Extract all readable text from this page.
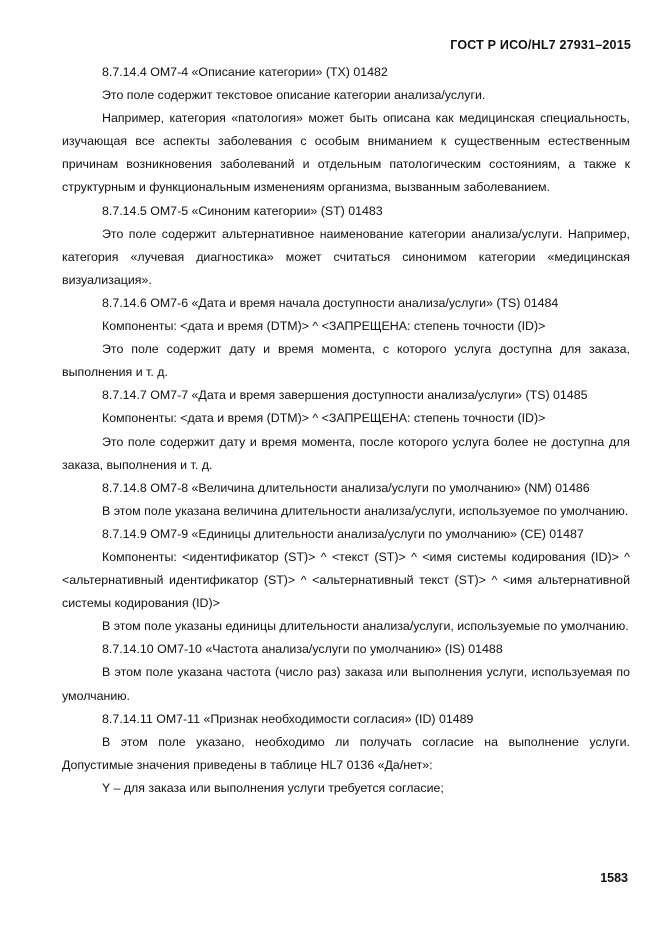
ГОСТ Р ИСО/HL7 27931–2015

8.7.14.4 OM7-4 «Описание категории» (TX) 01482

Это поле содержит текстовое описание категории анализа/услуги.

Например, категория «патология» может быть описана как медицинская специальность, изучающая все аспекты заболевания с особым вниманием к существенным естественным причинам возникновения заболеваний и отдельным патологическим состояниям, а также к структурным и функциональным изменениям организма, вызванным заболеванием.

8.7.14.5 OM7-5 «Синоним категории» (ST) 01483

Это поле содержит альтернативное наименование категории анализа/услуги. Например, категория «лучевая диагностика» может считаться синонимом категории «медицинская визуализация».

8.7.14.6 OM7-6 «Дата и время начала доступности анализа/услуги» (TS) 01484

Компоненты: <дата и время (DTM)> ^ <ЗАПРЕЩЕНА: степень точности (ID)>

Это поле содержит дату и время момента, с которого услуга доступна для заказа, выполнения и т. д.

8.7.14.7 OM7-7 «Дата и время завершения доступности анализа/услуги» (TS) 01485

Компоненты: <дата и время (DTM)> ^ <ЗАПРЕЩЕНА: степень точности (ID)>

Это поле содержит дату и время момента, после которого услуга более не доступна для заказа, выполнения и т. д.

8.7.14.8 OM7-8 «Величина длительности анализа/услуги по умолчанию» (NM) 01486

В этом поле указана величина длительности анализа/услуги, используемое по умолчанию.

8.7.14.9 OM7-9 «Единицы длительности анализа/услуги по умолчанию» (CE) 01487

Компоненты: <идентификатор (ST)> ^ <текст (ST)> ^ <имя системы кодирования (ID)> ^ <альтернативный идентификатор (ST)> ^ <альтернативный текст (ST)> ^ <имя альтернативной системы кодирования (ID)>

В этом поле указаны единицы длительности анализа/услуги, используемые по умолчанию.

8.7.14.10 OM7-10 «Частота анализа/услуги по умолчанию» (IS) 01488

В этом поле указана частота (число раз) заказа или выполнения услуги, используемая по умолчанию.

8.7.14.11 OM7-11 «Признак необходимости согласия» (ID) 01489

В этом поле указано, необходимо ли получать согласие на выполнение услуги. Допустимые значения приведены в таблице HL7 0136 «Да/нет»:

Y – для заказа или выполнения услуги требуется согласие;

1583
